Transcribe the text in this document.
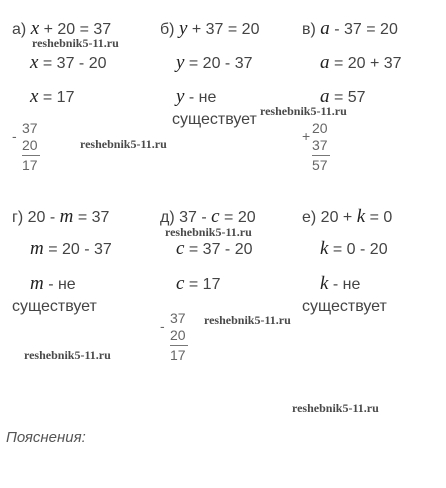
а) x + 20 = 37
x = 37 - 20
x = 17
б) y + 37 = 20
y = 20 - 37
y - не
существует
в) a - 37 = 20
a = 20 + 37
a = 57
- 37
20
17
+ 20
37
57
г) 20 - m = 37
m = 20 - 37
m - не
существует
д) 37 - c = 20
c = 37 - 20
c = 17
е) 20 + k = 0
k = 0 - 20
k - не
существует
- 37
20
17
reshebnik5-11.ru
reshebnik5-11.ru
reshebnik5-11.ru
reshebnik5-11.ru
reshebnik5-11.ru
reshebnik5-11.ru
reshebnik5-11.ru
Пояснения:
